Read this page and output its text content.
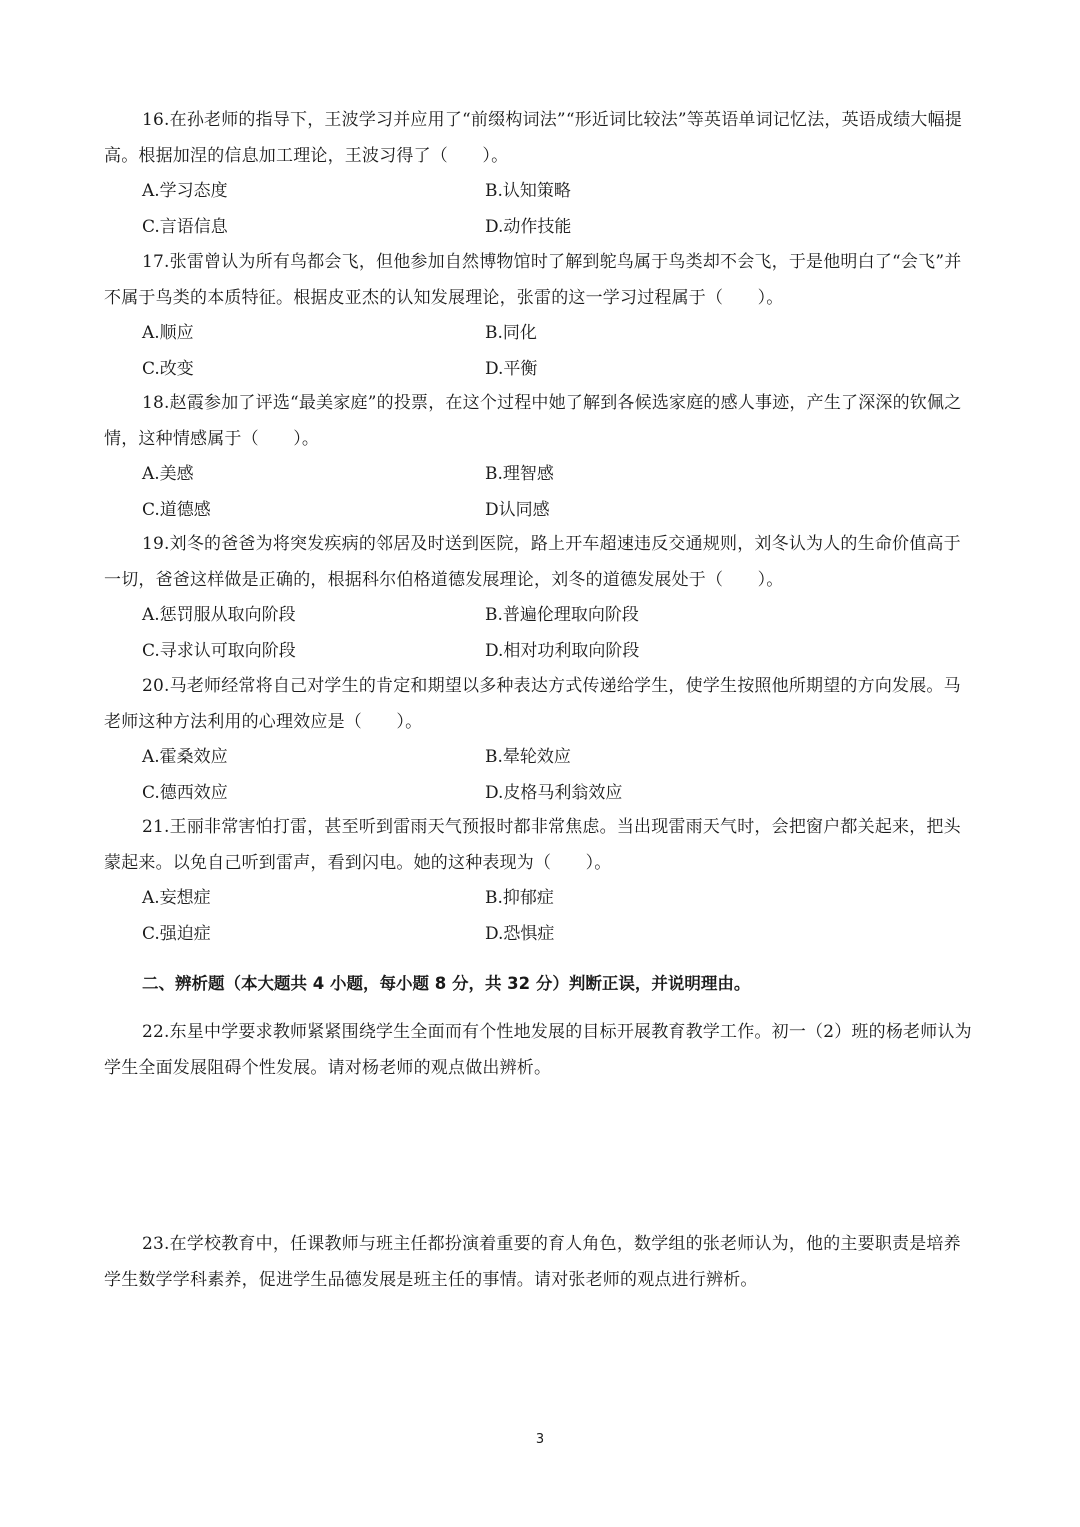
16.在孙老师的指导下，王波学习并应用了“前缀构词法”“形近词比较法”等英语单词记忆法，英语成绩大幅提高。根据加涅的信息加工理论，王波习得了（　　）。

A.学习态度	B.认知策略
C.言语信息	D.动作技能

17.张雷曾认为所有鸟都会飞，但他参加自然博物馆时了解到鸵鸟属于鸟类却不会飞，于是他明白了“会飞”并不属于鸟类的本质特征。根据皮亚杰的认知发展理论，张雷的这一学习过程属于（　　）。

A.顺应	B.同化
C.改变	D.平衡

18.赵霞参加了评选“最美家庭”的投票，在这个过程中她了解到各候选家庭的感人事迹，产生了深深的钦佩之情，这种情感属于（　　）。

A.美感	B.理智感
C.道德感	D认同感

19.刘冬的爸爸为将突发疾病的邻居及时送到医院，路上开车超速违反交通规则，刘冬认为人的生命价值高于一切，爸爸这样做是正确的，根据科尔伯格道德发展理论，刘冬的道德发展处于（　　）。

A.惩罚服从取向阶段	B.普遍伦理取向阶段
C.寻求认可取向阶段	D.相对功利取向阶段

20.马老师经常将自己对学生的肯定和期望以多种表达方式传递给学生，使学生按照他所期望的方向发展。马老师这种方法利用的心理效应是（　　）。

A.霍桑效应	B.晕轮效应
C.德西效应	D.皮格马利翁效应

21.王丽非常害怕打雷，甚至听到雷雨天气预报时都非常焦虑。当出现雷雨天气时，会把窗户都关起来，把头蒙起来。以免自己听到雷声，看到闪电。她的这种表现为（　　）。

A.妄想症	B.抑郁症
C.强迫症	D.恐惧症
二、辨析题（本大题共 4 小题，每小题 8 分，共 32 分）判断正误，并说明理由。

22.东星中学要求教师紧紧围绕学生全面而有个性地发展的目标开展教育教学工作。初一（2）班的杨老师认为学生全面发展阻碍个性发展。请对杨老师的观点做出辨析。

23.在学校教育中，任课教师与班主任都扮演着重要的育人角色，数学组的张老师认为，他的主要职责是培养学生数学学科素养，促进学生品德发展是班主任的事情。请对张老师的观点进行辨析。

3
